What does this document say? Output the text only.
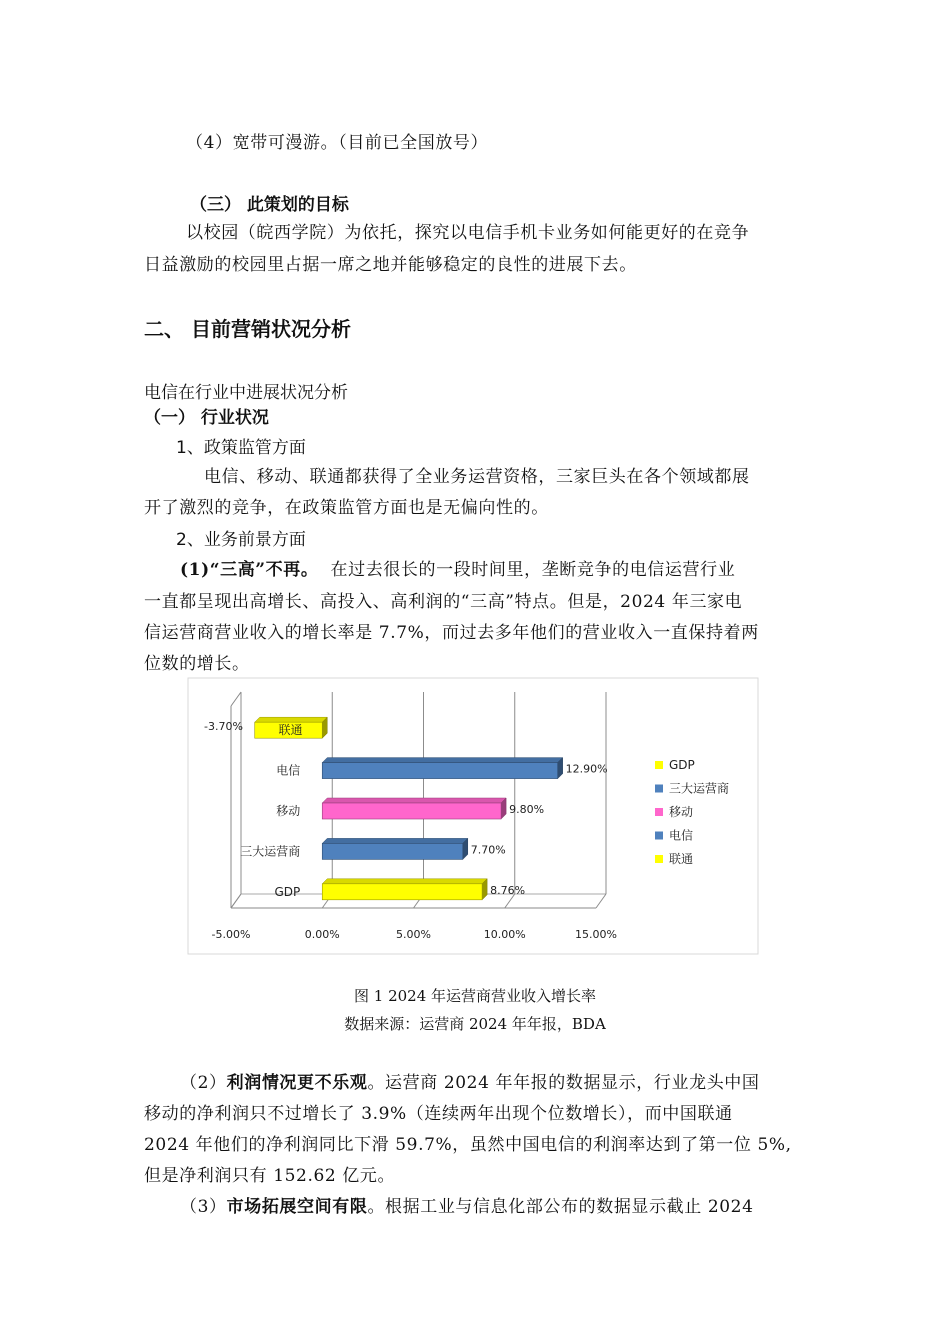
（4）宽带可漫游。（目前已全国放号）
（三） 此策划的目标
以校园（皖西学院）为依托，探究以电信手机卡业务如何能更好的在竞争
日益激励的校园里占据一席之地并能够稳定的良性的进展下去。
二、 目前营销状况分析
电信在行业中进展状况分析
（一） 行业状况
1、政策监管方面
电信、移动、联通都获得了全业务运营资格，三家巨头在各个领域都展
开了激烈的竞争，在政策监管方面也是无偏向性的。
2、业务前景方面
(1)“三高”不再。 在过去很长的一段时间里，垄断竞争的电信运营行业
一直都呈现出高增长、高投入、高利润的“三高”特点。但是，2024 年三家电
信运营商营业收入的增长率是 7.7%，而过去多年他们的营业收入一直保持着两
位数的增长。
-5.00%	0.00%	5.00%	10.00%	15.00%
联通
-3.70%
电信	12.90%
移动	9.80%
三大运营商	7.70%
GDP	8.76%
GDP
三大运营商
移动
电信
联通
图 1 2024 年运营商营业收入增长率
数据来源：运营商 2024 年年报，BDA
（2）利润情况更不乐观。运营商 2024 年年报的数据显示，行业龙头中国
移动的净利润只不过增长了 3.9%（连续两年出现个位数增长），而中国联通
2024 年他们的净利润同比下滑 59.7%，虽然中国电信的利润率达到了第一位 5%,
但是净利润只有 152.62 亿元。
（3）市场拓展空间有限。根据工业与信息化部公布的数据显示截止 2024
